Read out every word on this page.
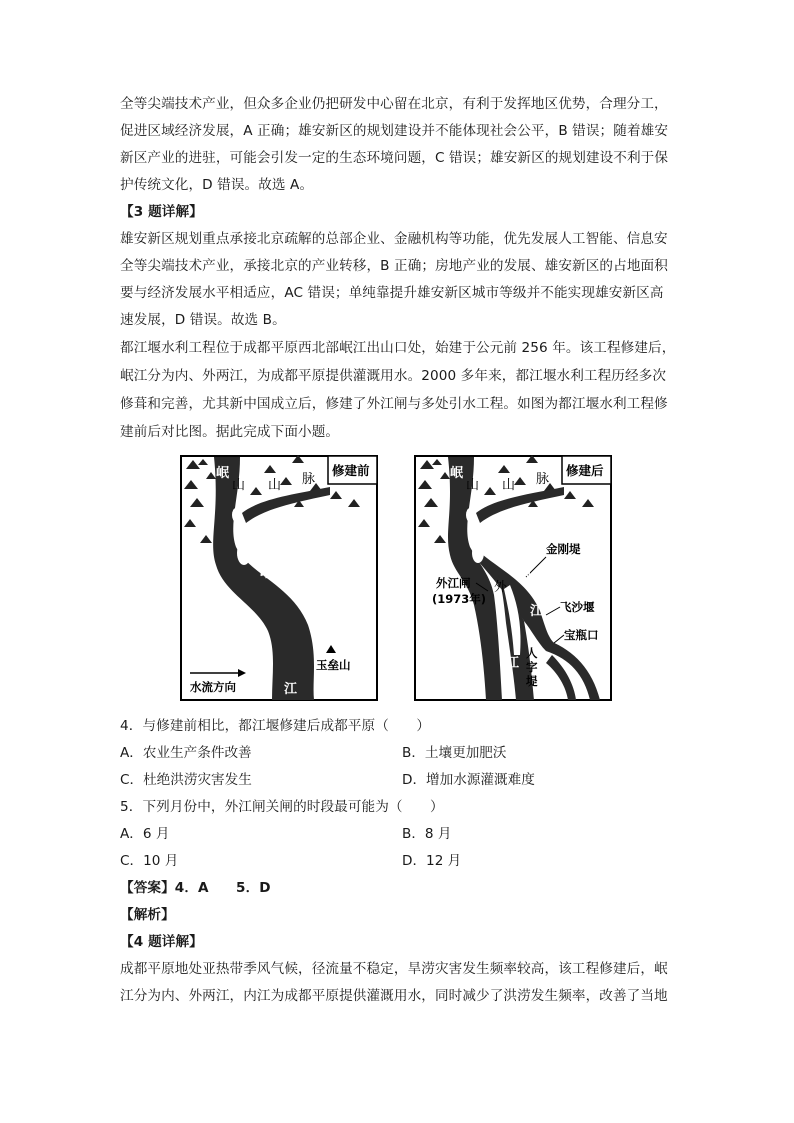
全等尖端技术产业，但众多企业仍把研发中心留在北京，有利于发挥地区优势，合理分工，
促进区域经济发展，A 正确；雄安新区的规划建设并不能体现社会公平，B 错误；随着雄安
新区产业的进驻，可能会引发一定的生态环境问题，C 错误；雄安新区的规划建设不利于保
护传统文化，D 错误。故选 A。
【3 题详解】
雄安新区规划重点承接北京疏解的总部企业、金融机构等功能，优先发展人工智能、信息安
全等尖端技术产业，承接北京的产业转移，B 正确；房地产业的发展、雄安新区的占地面积
要与经济发展水平相适应，AC 错误；单纯靠提升雄安新区城市等级并不能实现雄安新区高
速发展，D 错误。故选 B。
都江堰水利工程位于成都平原西北部岷江出山口处，始建于公元前 256 年。该工程修建后，
岷江分为内、外两江，为成都平原提供灌溉用水。2000 多年来，都江堰水利工程历经多次
修葺和完善，尤其新中国成立后，修建了外江闸与多处引水工程。如图为都江堰水利工程修
建前后对比图。据此完成下面小题。
修建前
岷
山 山 脉
岷
江
玉垒山
水流方向
修建后
岷
山 山 脉
金刚堤
外江闸
(1973年)
外
内
江
江
飞沙堰
宝瓶口
人字堤
4．与修建前相比，都江堰修建后成都平原（　　）
A．农业生产条件改善	B．土壤更加肥沃
C．杜绝洪涝灾害发生	D．增加水源灌溉难度
5．下列月份中，外江闸关闸的时段最可能为（　　）
A．6 月	B．8 月
C．10 月	D．12 月
【答案】4．A　　5．D
【解析】
【4 题详解】
成都平原地处亚热带季风气候，径流量不稳定，旱涝灾害发生频率较高，该工程修建后，岷
江分为内、外两江，内江为成都平原提供灌溉用水，同时减少了洪涝发生频率，改善了当地
